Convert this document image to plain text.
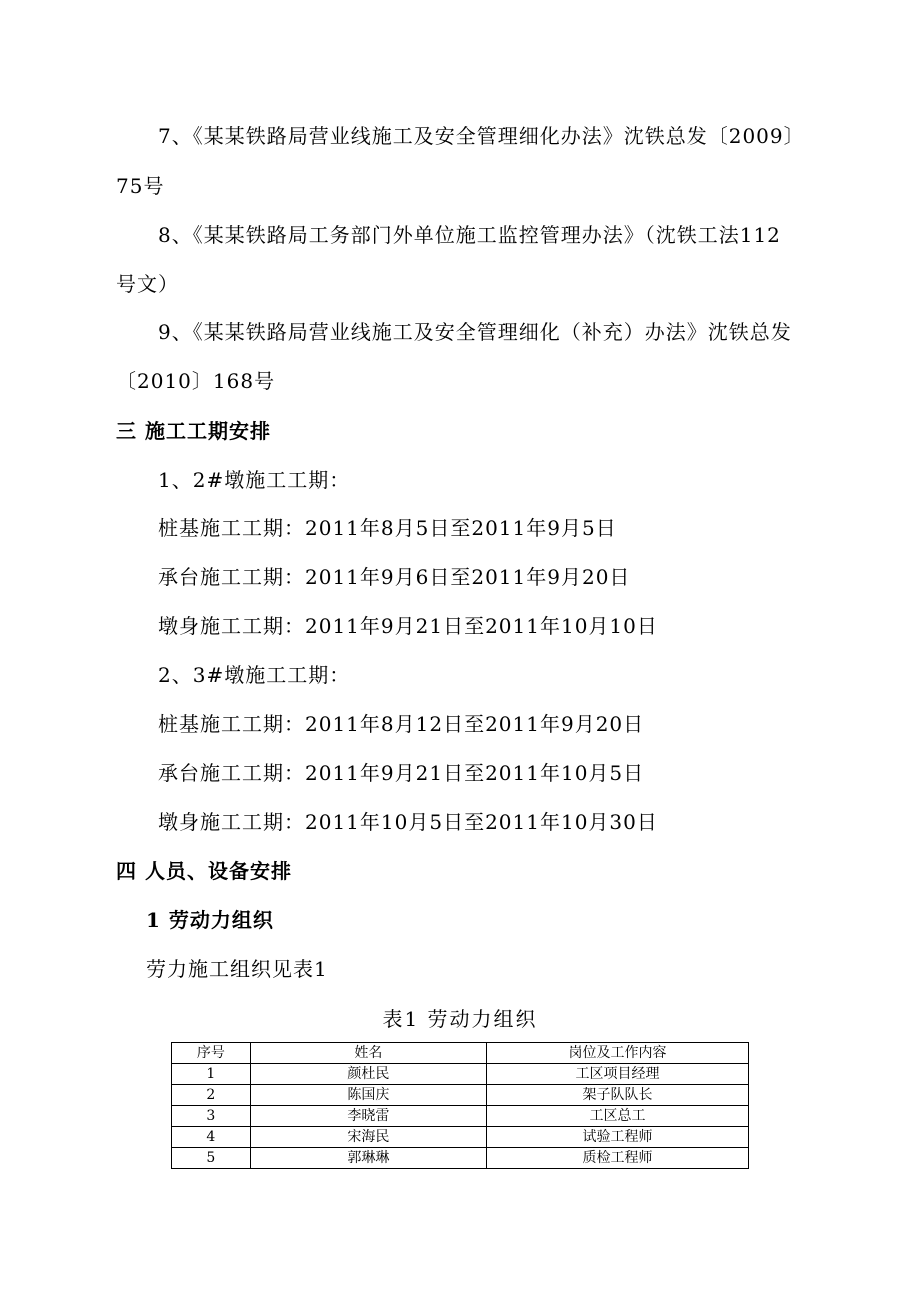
7、《某某铁路局营业线施工及安全管理细化办法》沈铁总发〔2009〕
75号
8、《某某铁路局工务部门外单位施工监控管理办法》（沈铁工法112
号文）
9、《某某铁路局营业线施工及安全管理细化（补充）办法》沈铁总发
〔2010〕168号
三 施工工期安排
1、2#墩施工工期：
桩基施工工期：2011年8月5日至2011年9月5日
承台施工工期：2011年9月6日至2011年9月20日
墩身施工工期：2011年9月21日至2011年10月10日
2、3#墩施工工期：
桩基施工工期：2011年8月12日至2011年9月20日
承台施工工期：2011年9月21日至2011年10月5日
墩身施工工期：2011年10月5日至2011年10月30日
四 人员、设备安排
1 劳动力组织
劳力施工组织见表1
表1 劳动力组织
序号	姓名	岗位及工作内容
1	颜杜民	工区项目经理
2	陈国庆	架子队队长
3	李晓雷	工区总工
4	宋海民	试验工程师
5	郭琳琳	质检工程师
